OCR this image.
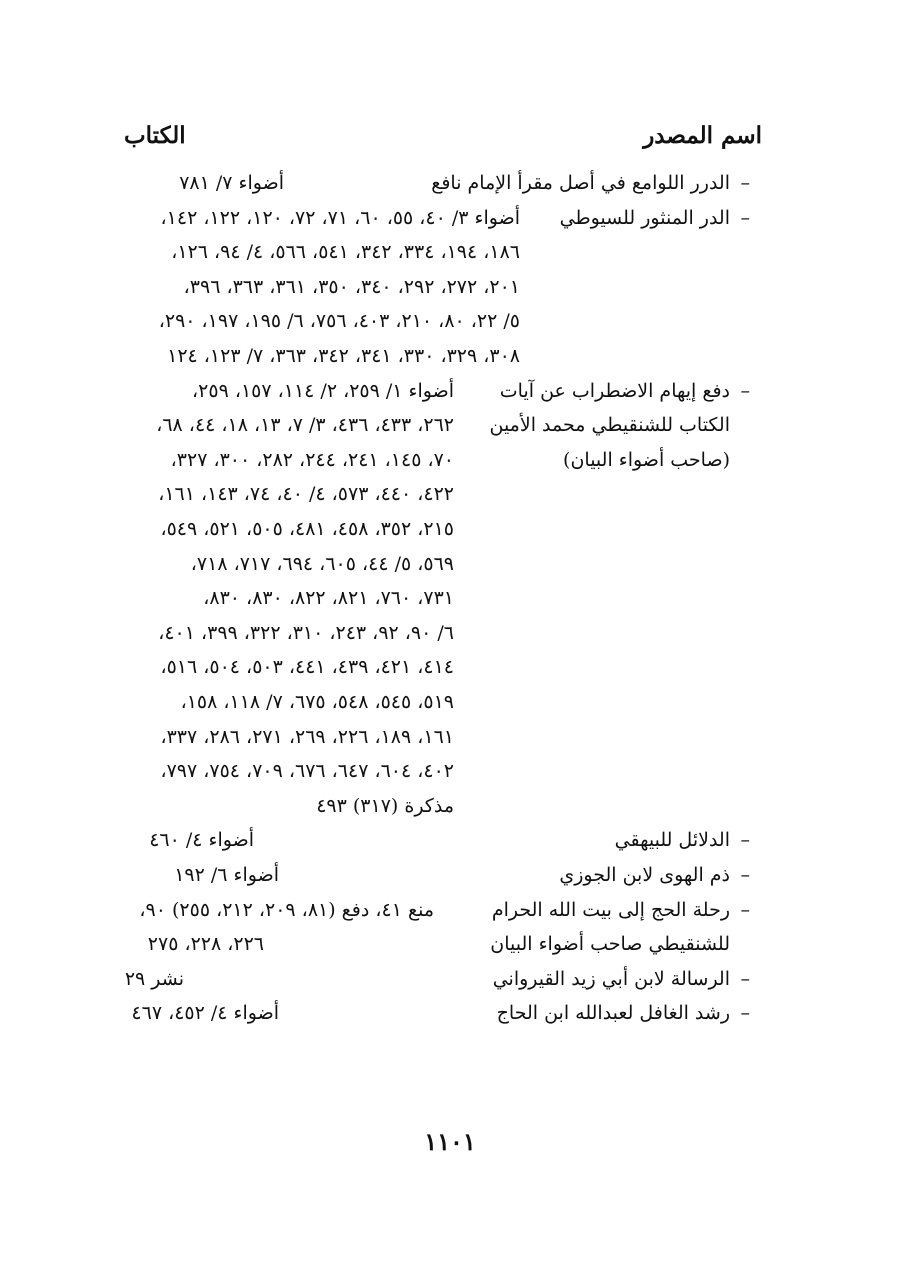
اسم المصدر
الكتاب
–
الدرر اللوامع في أصل مقرأ الإمام نافع
أضواء ٧/ ٧٨١
–
الدر المنثور للسيوطي
أضواء ٣/ ٤٠، ٥٥، ٦٠، ٧١، ٧٢، ١٢٠، ١٢٢، ١٤٢،
١٨٦، ١٩٤، ٣٣٤، ٣٤٢، ٥٤١، ٥٦٦، ٤/ ٩٤، ١٢٦،
٢٠١، ٢٧٢، ٢٩٢، ٣٤٠، ٣٥٠، ٣٦١، ٣٦٣، ٣٩٦،
٥/ ٢٢، ٨٠، ٢١٠، ٤٠٣، ٧٥٦، ٦/ ١٩٥، ١٩٧، ٢٩٠،
٣٠٨، ٣٢٩، ٣٣٠، ٣٤١، ٣٤٢، ٣٦٣، ٧/ ١٢٣، ١٢٤
–
دفع إيهام الاضطراب عن آيات
أضواء ١/ ٢٥٩، ٢/ ١١٤، ١٥٧، ٢٥٩،
الكتاب للشنقيطي محمد الأمين
٢٦٢، ٤٣٣، ٤٣٦، ٣/ ٧، ١٣، ١٨، ٤٤، ٦٨،
(صاحب أضواء البيان)
٧٠، ١٤٥، ٢٤١، ٢٤٤، ٢٨٢، ٣٠٠، ٣٢٧،
٤٢٢، ٤٤٠، ٥٧٣، ٤/ ٤٠، ٧٤، ١٤٣، ١٦١،
٢١٥، ٣٥٢، ٤٥٨، ٤٨١، ٥٠٥، ٥٢١، ٥٤٩،
٥٦٩، ٥/ ٤٤، ٦٠٥، ٦٩٤، ٧١٧، ٧١٨،
٧٣١، ٧٦٠، ٨٢١، ٨٢٢، ٨٣٠، ٨٣٠،
٦/ ٩٠، ٩٢، ٢٤٣، ٣١٠، ٣٢٢، ٣٩٩، ٤٠١،
٤١٤، ٤٢١، ٤٣٩، ٤٤١، ٥٠٣، ٥٠٤، ٥١٦،
٥١٩، ٥٤٥، ٥٤٨، ٦٧٥، ٧/ ١١٨، ١٥٨،
١٦١، ١٨٩، ٢٢٦، ٢٦٩، ٢٧١، ٢٨٦، ٣٣٧،
٤٠٢، ٦٠٤، ٦٤٧، ٦٧٦، ٧٠٩، ٧٥٤، ٧٩٧،
مذكرة (٣١٧) ٤٩٣
–
الدلائل للبيهقي
أضواء ٤/ ٤٦٠
–
ذم الهوى لابن الجوزي
أضواء ٦/ ١٩٢
–
رحلة الحج إلى بيت الله الحرام
منع ٤١، دفع (٨١، ٢٠٩، ٢١٢، ٢٥٥) ٩٠،
للشنقيطي صاحب أضواء البيان
٢٢٦، ٢٢٨، ٢٧٥
–
الرسالة لابن أبي زيد القيرواني
نشر ٢٩
–
رشد الغافل لعبدالله ابن الحاج
أضواء ٤/ ٤٥٢، ٤٦٧
١١٠١
